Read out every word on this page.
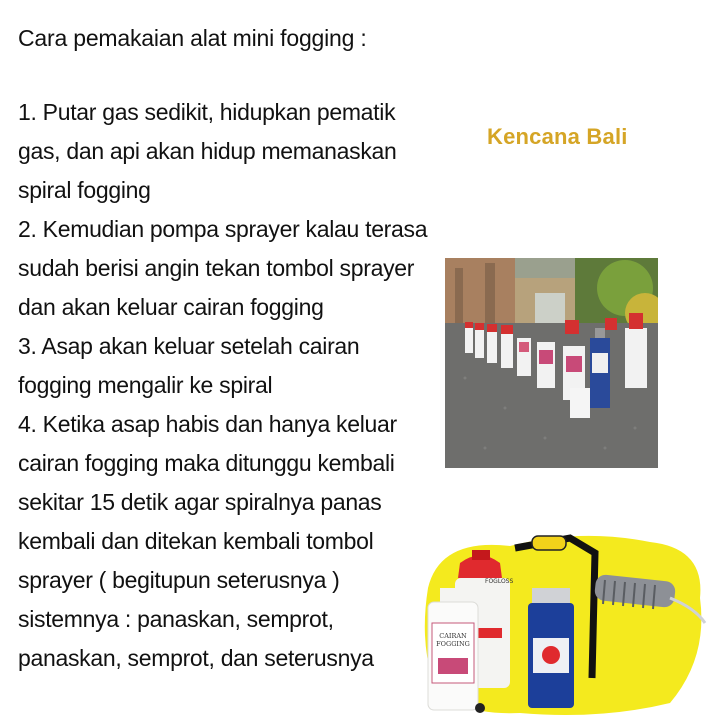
Cara pemakaian alat mini fogging :
1. Putar gas sedikit, hidupkan pematik gas, dan api akan hidup memanaskan spiral fogging
2. Kemudian pompa sprayer kalau terasa sudah berisi angin tekan tombol sprayer dan akan keluar cairan fogging
3. Asap akan keluar setelah cairan fogging mengalir ke spiral
4. Ketika asap habis dan hanya keluar cairan fogging maka ditunggu kembali sekitar 15 detik agar spiralnya panas kembali dan ditekan kembali tombol sprayer ( begitupun seterusnya ) sistemnya : panaskan, semprot, panaskan, semprot, dan seterusnya
Kencana Bali
CAIRAN
FOGGING
FOGLOSS
